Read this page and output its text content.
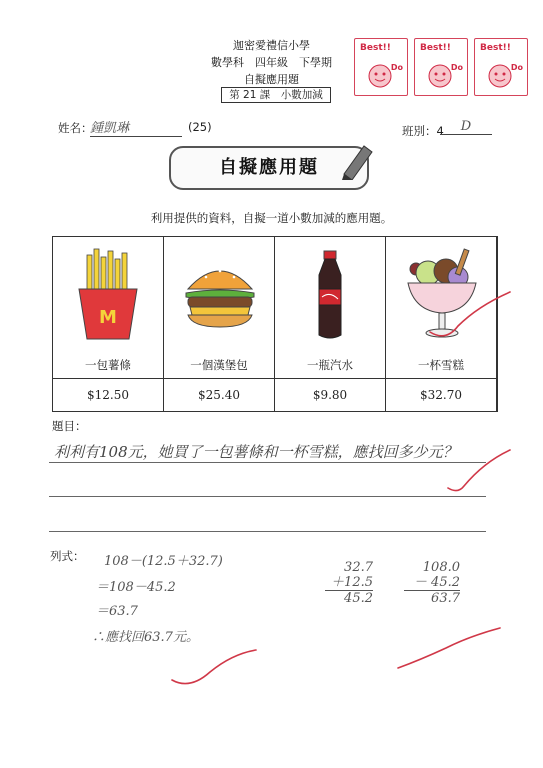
迦密愛禮信小學
數學科　四年級　下學期
自擬應用題
第 21 課　小數加減
Best!!
Do
Best!!
Do
Best!!
Do
姓名：
鍾凱琳	(25)	班別：4	D
自擬應用題
利用提供的資料，自擬一道小數加減的應用題。
M
一包薯條
$12.50
一個漢堡包
$25.40
一瓶汽水
$9.80
一杯雪糕
$32.70
題目：
利利有108元，她買了一包薯條和一杯雪糕，應找回多少元？
列式： 108－(12.5＋32.7)
＝108－45.2
＝63.7
∴應找回63.7元。
32.7
＋12.5
45.2
108.0
－ 45.2
63.7
